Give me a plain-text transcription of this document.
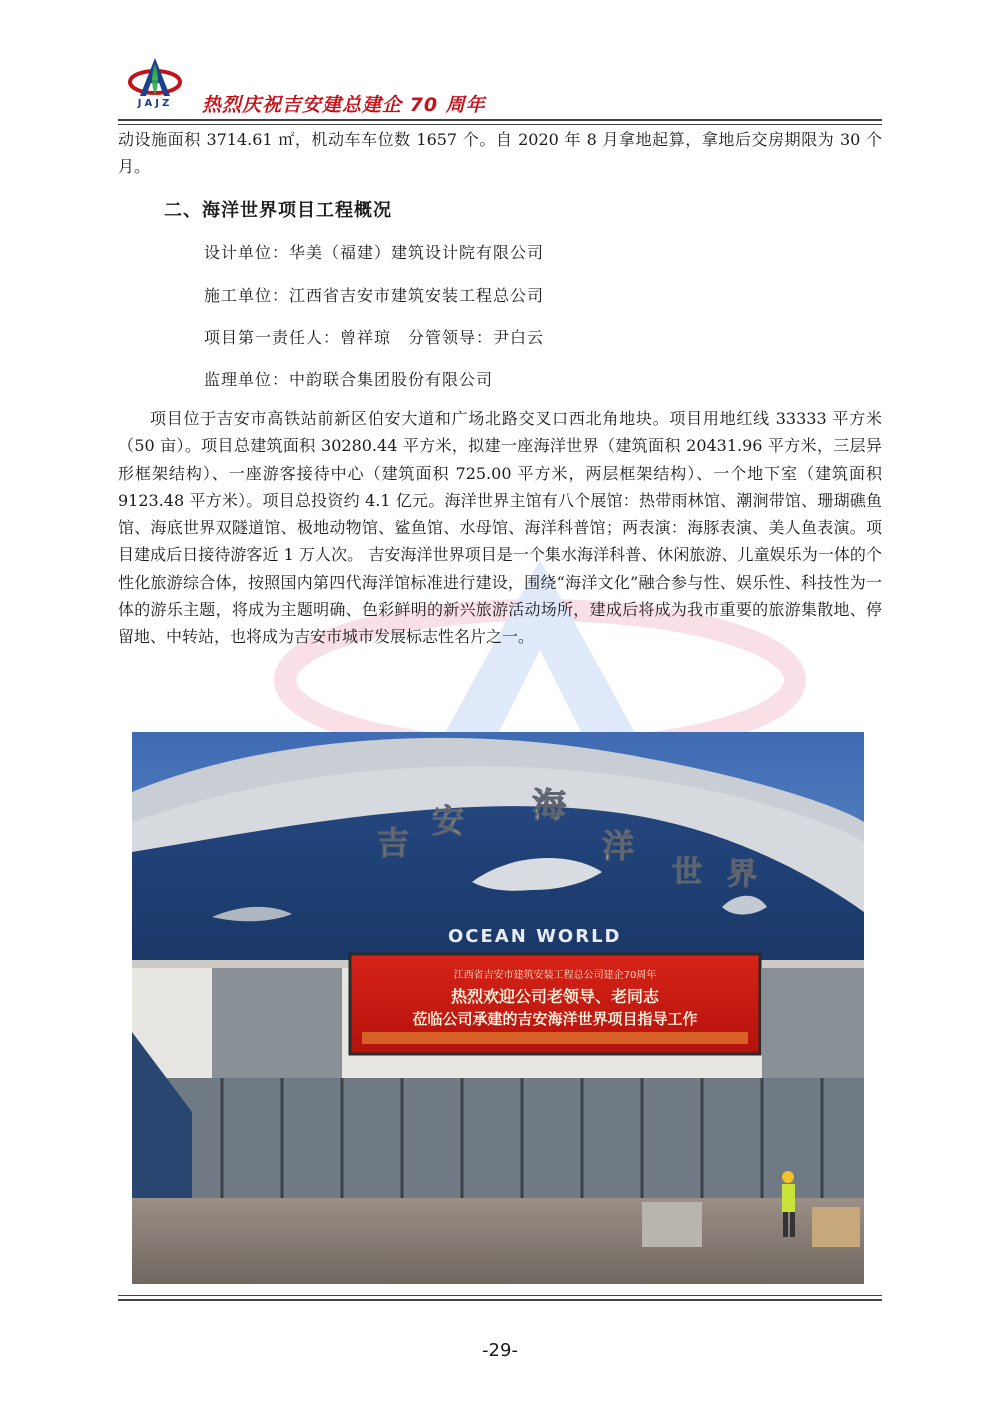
JAJZ	热烈庆祝吉安建总建企 70 周年
动设施面积 3714.61 ㎡，机动车车位数 1657 个。自 2020 年 8 月拿地起算，拿地后交房期限为 30 个月。
二、海洋世界项目工程概况
设计单位：华美（福建）建筑设计院有限公司
施工单位：江西省吉安市建筑安装工程总公司
项目第一责任人：曾祥琼　分管领导：尹白云
监理单位：中韵联合集团股份有限公司
项目位于吉安市高铁站前新区伯安大道和广场北路交叉口西北角地块。项目用地红线 33333 平方米（50 亩）。项目总建筑面积 30280.44 平方米，拟建一座海洋世界（建筑面积 20431.96 平方米，三层异形框架结构）、一座游客接待中心（建筑面积 725.00 平方米，两层框架结构）、一个地下室（建筑面积 9123.48 平方米）。项目总投资约 4.1 亿元。海洋世界主馆有八个展馆：热带雨林馆、潮涧带馆、珊瑚礁鱼馆、海底世界双隧道馆、极地动物馆、鲨鱼馆、水母馆、海洋科普馆；两表演：海豚表演、美人鱼表演。项目建成后日接待游客近 1 万人次。 吉安海洋世界项目是一个集水海洋科普、休闲旅游、儿童娱乐为一体的个性化旅游综合体，按照国内第四代海洋馆标准进行建设，围绕“海洋文化”融合参与性、娱乐性、科技性为一体的游乐主题，将成为主题明确、色彩鲜明的新兴旅游活动场所，建成后将成为我市重要的旅游集散地、停留地、中转站，也将成为吉安市城市发展标志性名片之一。
吉
安 海
洋
世 界
OCEAN WORLD
江西省吉安市建筑安装工程总公司建企70周年
热烈欢迎公司老领导、老同志
莅临公司承建的吉安海洋世界项目指导工作
-29-
